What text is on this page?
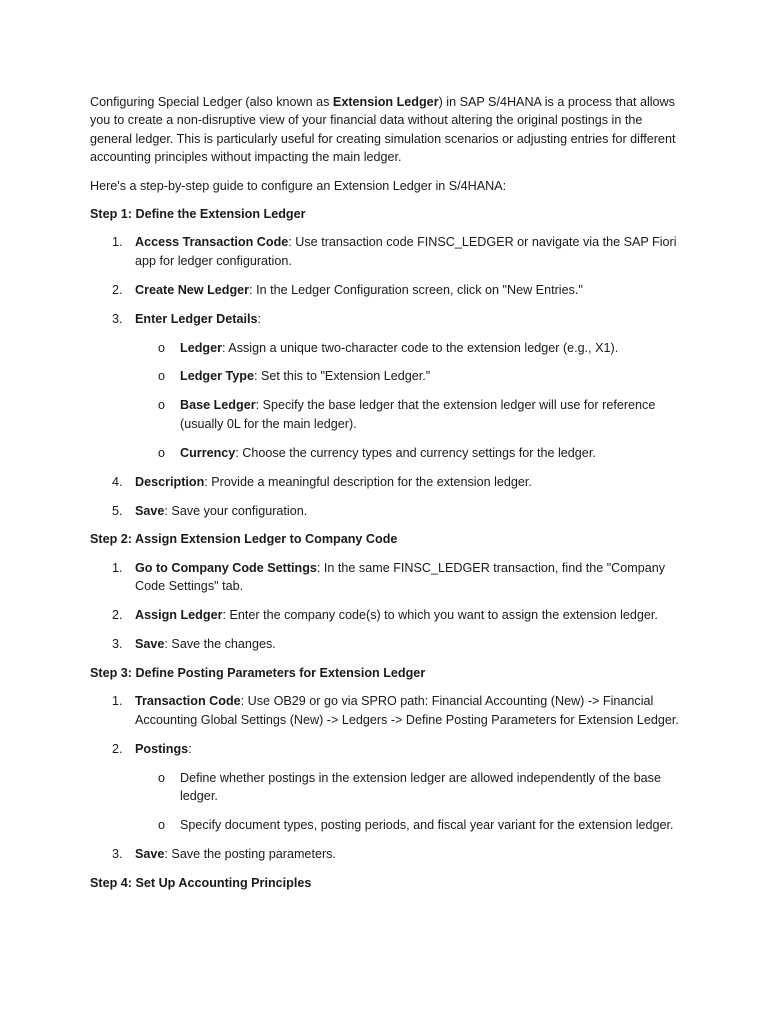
Configuring Special Ledger (also known as Extension Ledger) in SAP S/4HANA is a process that allows you to create a non-disruptive view of your financial data without altering the original postings in the general ledger. This is particularly useful for creating simulation scenarios or adjusting entries for different accounting principles without impacting the main ledger.

Here's a step-by-step guide to configure an Extension Ledger in S/4HANA:

Step 1: Define the Extension Ledger

1. Access Transaction Code: Use transaction code FINSC_LEDGER or navigate via the SAP Fiori app for ledger configuration.
2. Create New Ledger: In the Ledger Configuration screen, click on "New Entries."
3. Enter Ledger Details:
o Ledger: Assign a unique two-character code to the extension ledger (e.g., X1).
o Ledger Type: Set this to "Extension Ledger."
o Base Ledger: Specify the base ledger that the extension ledger will use for reference (usually 0L for the main ledger).
o Currency: Choose the currency types and currency settings for the ledger.
4. Description: Provide a meaningful description for the extension ledger.
5. Save: Save your configuration.

Step 2: Assign Extension Ledger to Company Code

1. Go to Company Code Settings: In the same FINSC_LEDGER transaction, find the "Company Code Settings" tab.
2. Assign Ledger: Enter the company code(s) to which you want to assign the extension ledger.
3. Save: Save the changes.

Step 3: Define Posting Parameters for Extension Ledger

1. Transaction Code: Use OB29 or go via SPRO path: Financial Accounting (New) -> Financial Accounting Global Settings (New) -> Ledgers -> Define Posting Parameters for Extension Ledger.
2. Postings:
o Define whether postings in the extension ledger are allowed independently of the base ledger.
o Specify document types, posting periods, and fiscal year variant for the extension ledger.
3. Save: Save the posting parameters.

Step 4: Set Up Accounting Principles
